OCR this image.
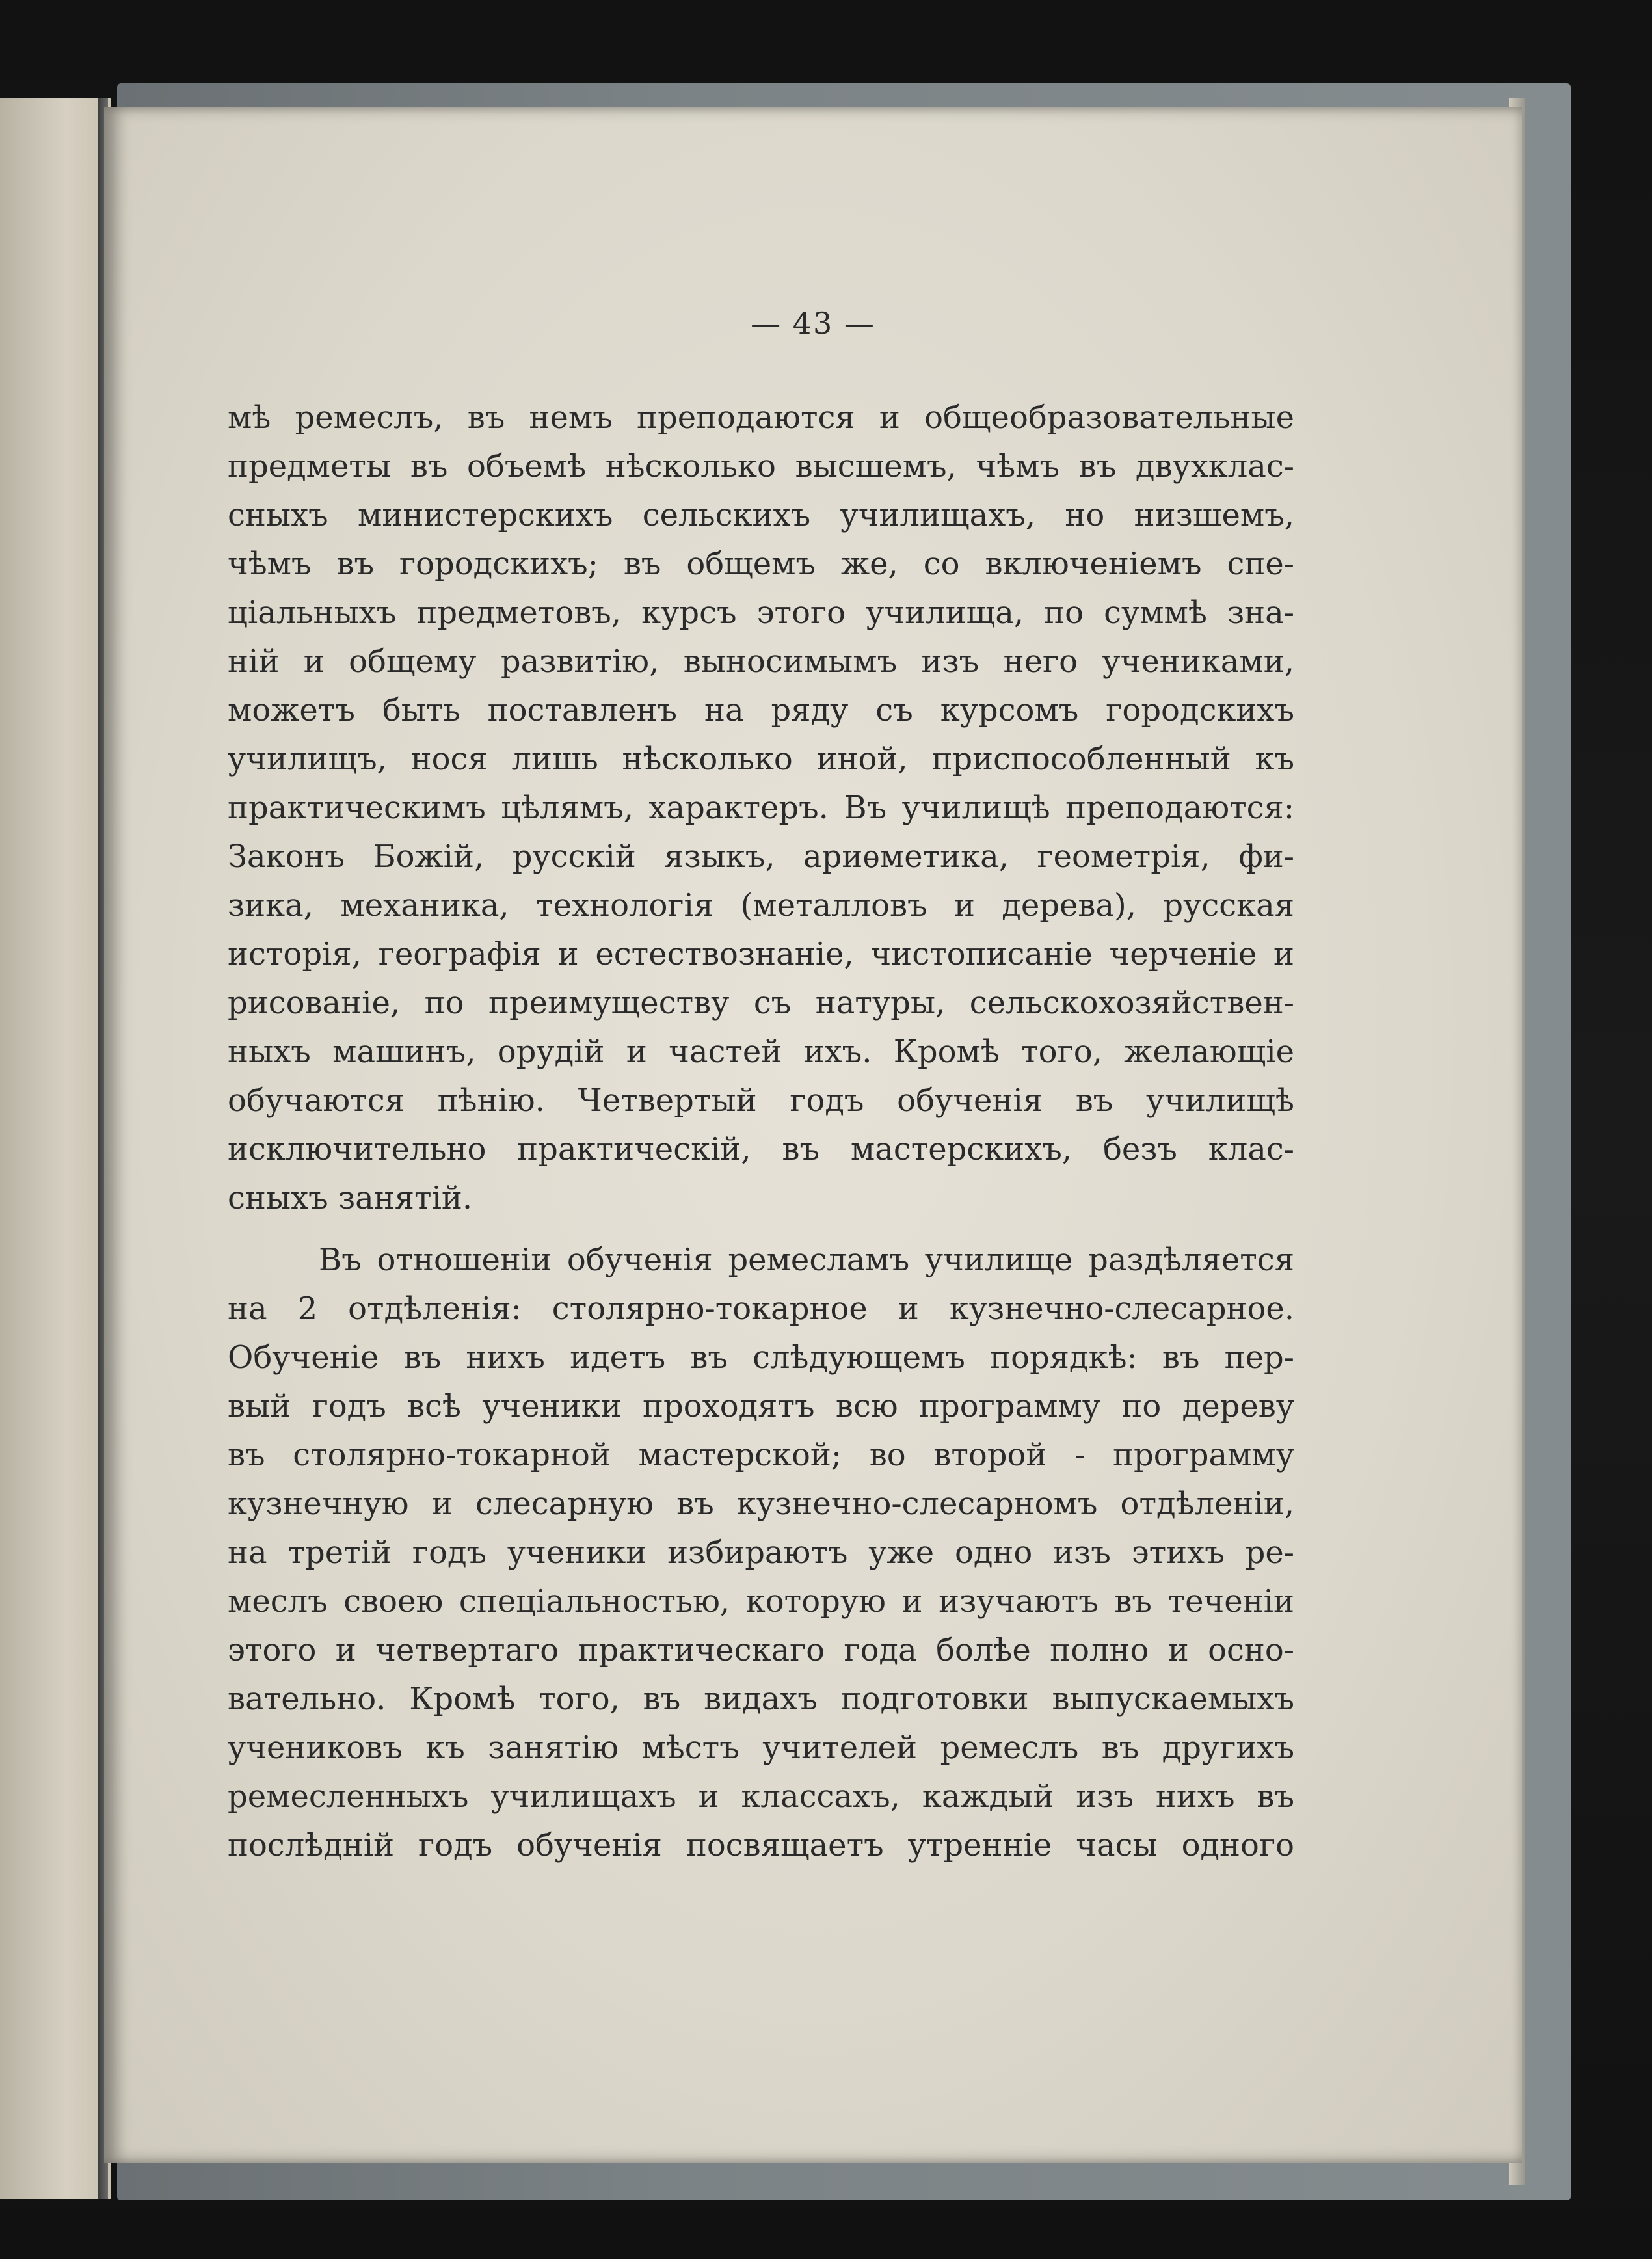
— 43 —
мѣ ремеслъ, въ немъ преподаются и общеобразовательные
предметы въ объемѣ нѣсколько высшемъ, чѣмъ въ двухклас-
сныхъ министерскихъ сельскихъ училищахъ, но низшемъ,
чѣмъ въ городскихъ; въ общемъ же, со включеніемъ спе-
ціальныхъ предметовъ, курсъ этого училища, по суммѣ зна-
ній и общему развитію, выносимымъ изъ него учениками,
можетъ быть поставленъ на ряду съ курсомъ городскихъ
училищъ, нося лишь нѣсколько иной, приспособленный къ
практическимъ цѣлямъ, характеръ. Въ училищѣ преподаются:
Законъ Божій, русскій языкъ, ариѳметика, геометрія, фи-
зика, механика, технологія (металловъ и дерева), русская
исторія, географія и естествознаніе, чистописаніе черченіе и
рисованіе, по преимуществу съ натуры, сельскохозяйствен-
ныхъ машинъ, орудій и частей ихъ. Кромѣ того, желающіе
обучаются пѣнію. Четвертый годъ обученія въ училищѣ
исключительно практическій, въ мастерскихъ, безъ клас-
сныхъ занятій.
Въ отношеніи обученія ремесламъ училище раздѣляется
на 2 отдѣленія: столярно-токарное и кузнечно-слесарное.
Обученіе въ нихъ идетъ въ слѣдующемъ порядкѣ: въ пер-
вый годъ всѣ ученики проходятъ всю программу по дереву
въ столярно-токарной мастерской; во второй - программу
кузнечную и слесарную въ кузнечно-слесарномъ отдѣленіи,
на третій годъ ученики избираютъ уже одно изъ этихъ ре-
меслъ своею спеціальностью, которую и изучаютъ въ теченіи
этого и четвертаго практическаго года болѣе полно и осно-
вательно. Кромѣ того, въ видахъ подготовки выпускаемыхъ
учениковъ къ занятію мѣстъ учителей ремеслъ въ другихъ
ремесленныхъ училищахъ и классахъ, каждый изъ нихъ въ
послѣдній годъ обученія посвящаетъ утренніе часы одного
